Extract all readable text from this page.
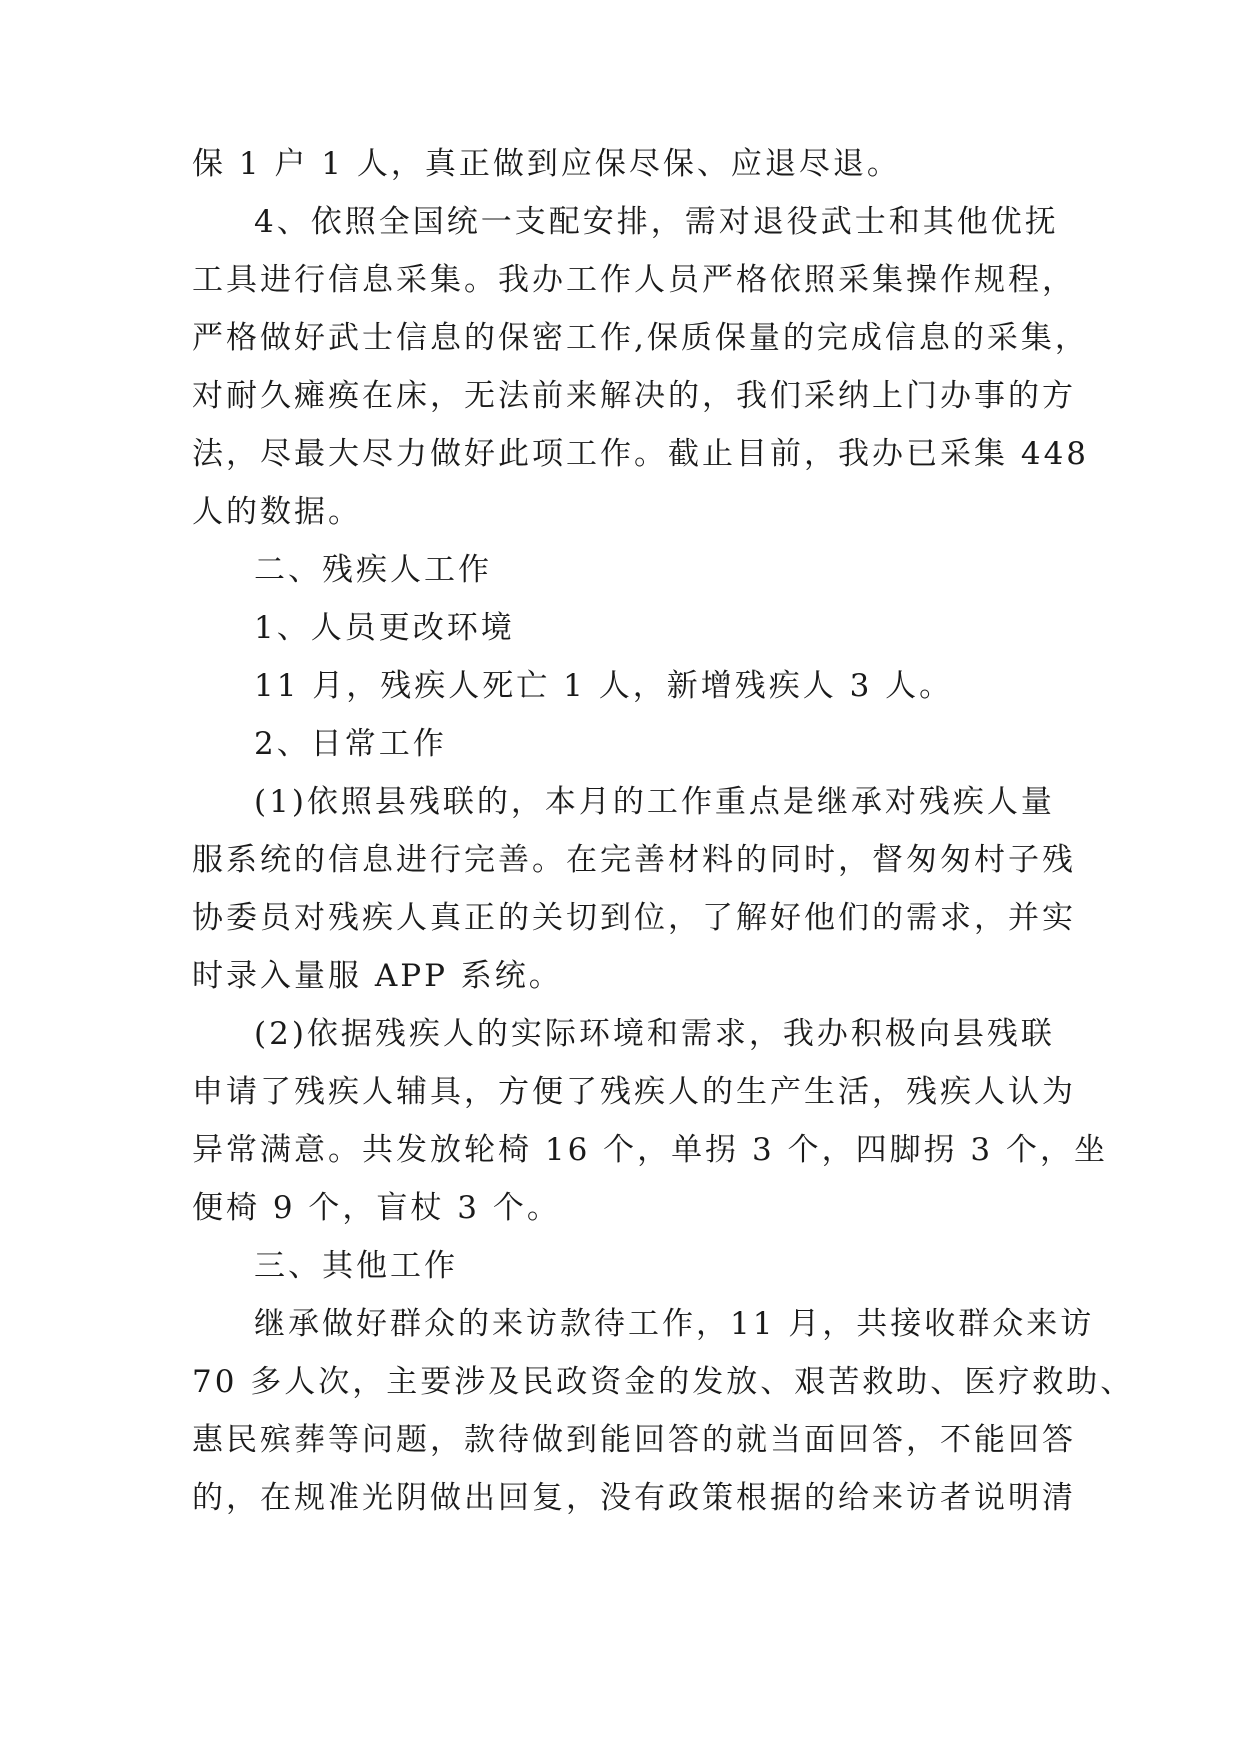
保 1 户 1 人，真正做到应保尽保、应退尽退。
4、依照全国统一支配安排，需对退役武士和其他优抚
工具进行信息采集。我办工作人员严格依照采集操作规程，
严格做好武士信息的保密工作,保质保量的完成信息的采集，
对耐久瘫痪在床，无法前来解决的，我们采纳上门办事的方
法，尽最大尽力做好此项工作。截止目前，我办已采集 448
人的数据。
二、残疾人工作
1、人员更改环境
11 月，残疾人死亡 1 人，新增残疾人 3 人。
2、日常工作
(1)依照县残联的，本月的工作重点是继承对残疾人量
服系统的信息进行完善。在完善材料的同时，督匆匆村子残
协委员对残疾人真正的关切到位，了解好他们的需求，并实
时录入量服 APP 系统。
(2)依据残疾人的实际环境和需求，我办积极向县残联
申请了残疾人辅具，方便了残疾人的生产生活，残疾人认为
异常满意。共发放轮椅 16 个，单拐 3 个，四脚拐 3 个，坐
便椅 9 个，盲杖 3 个。
三、其他工作
继承做好群众的来访款待工作，11 月，共接收群众来访
70 多人次，主要涉及民政资金的发放、艰苦救助、医疗救助、
惠民殡葬等问题，款待做到能回答的就当面回答，不能回答
的，在规准光阴做出回复，没有政策根据的给来访者说明清
